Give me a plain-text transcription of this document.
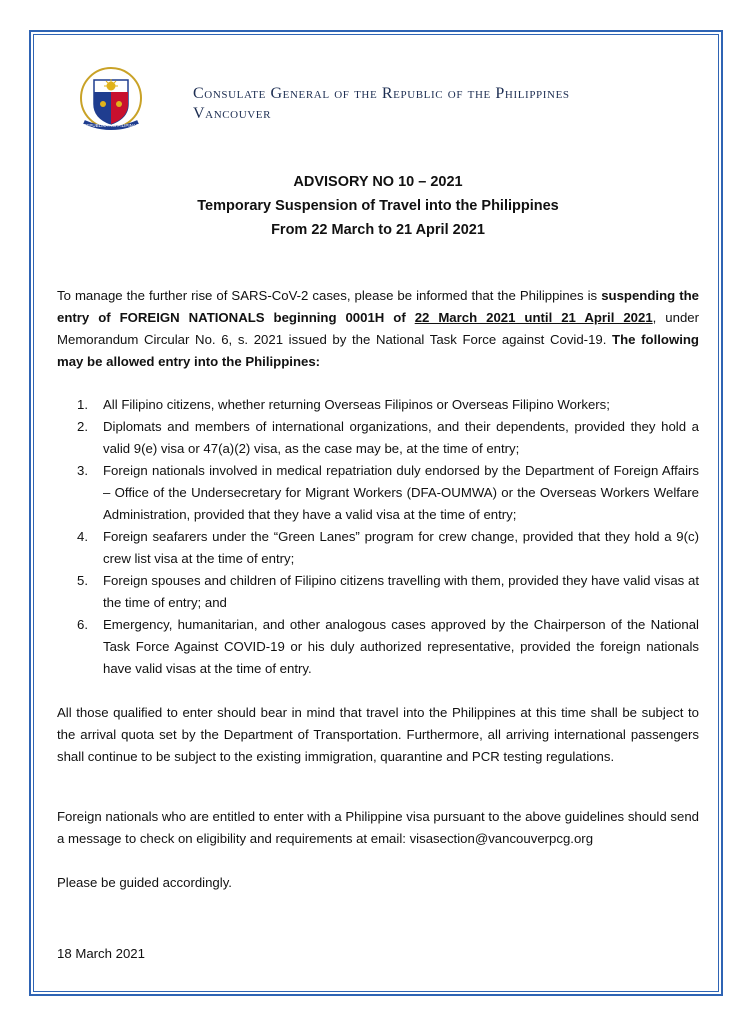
REPUBLIKA NG PILIPINAS
Consulate General of the Republic of the Philippines
Vancouver
ADVISORY NO 10 – 2021
Temporary Suspension of Travel into the Philippines
From 22 March to 21 April 2021
To manage the further rise of SARS-CoV-2 cases, please be informed that the Philippines is suspending the entry of FOREIGN NATIONALS beginning 0001H of 22 March 2021 until 21 April 2021, under Memorandum Circular No. 6, s. 2021 issued by the National Task Force against Covid-19. The following may be allowed entry into the Philippines:
1. All Filipino citizens, whether returning Overseas Filipinos or Overseas Filipino Workers;
2. Diplomats and members of international organizations, and their dependents, provided they hold a valid 9(e) visa or 47(a)(2) visa, as the case may be, at the time of entry;
3. Foreign nationals involved in medical repatriation duly endorsed by the Department of Foreign Affairs – Office of the Undersecretary for Migrant Workers (DFA-OUMWA) or the Overseas Workers Welfare Administration, provided that they have a valid visa at the time of entry;
4. Foreign seafarers under the “Green Lanes” program for crew change, provided that they hold a 9(c) crew list visa at the time of entry;
5. Foreign spouses and children of Filipino citizens travelling with them, provided they have valid visas at the time of entry; and
6. Emergency, humanitarian, and other analogous cases approved by the Chairperson of the National Task Force Against COVID-19 or his duly authorized representative, provided the foreign nationals have valid visas at the time of entry.
All those qualified to enter should bear in mind that travel into the Philippines at this time shall be subject to the arrival quota set by the Department of Transportation. Furthermore, all arriving international passengers shall continue to be subject to the existing immigration, quarantine and PCR testing regulations.
Foreign nationals who are entitled to enter with a Philippine visa pursuant to the above guidelines should send a message to check on eligibility and requirements at email: visasection@vancouverpcg.org
Please be guided accordingly.
18 March 2021
